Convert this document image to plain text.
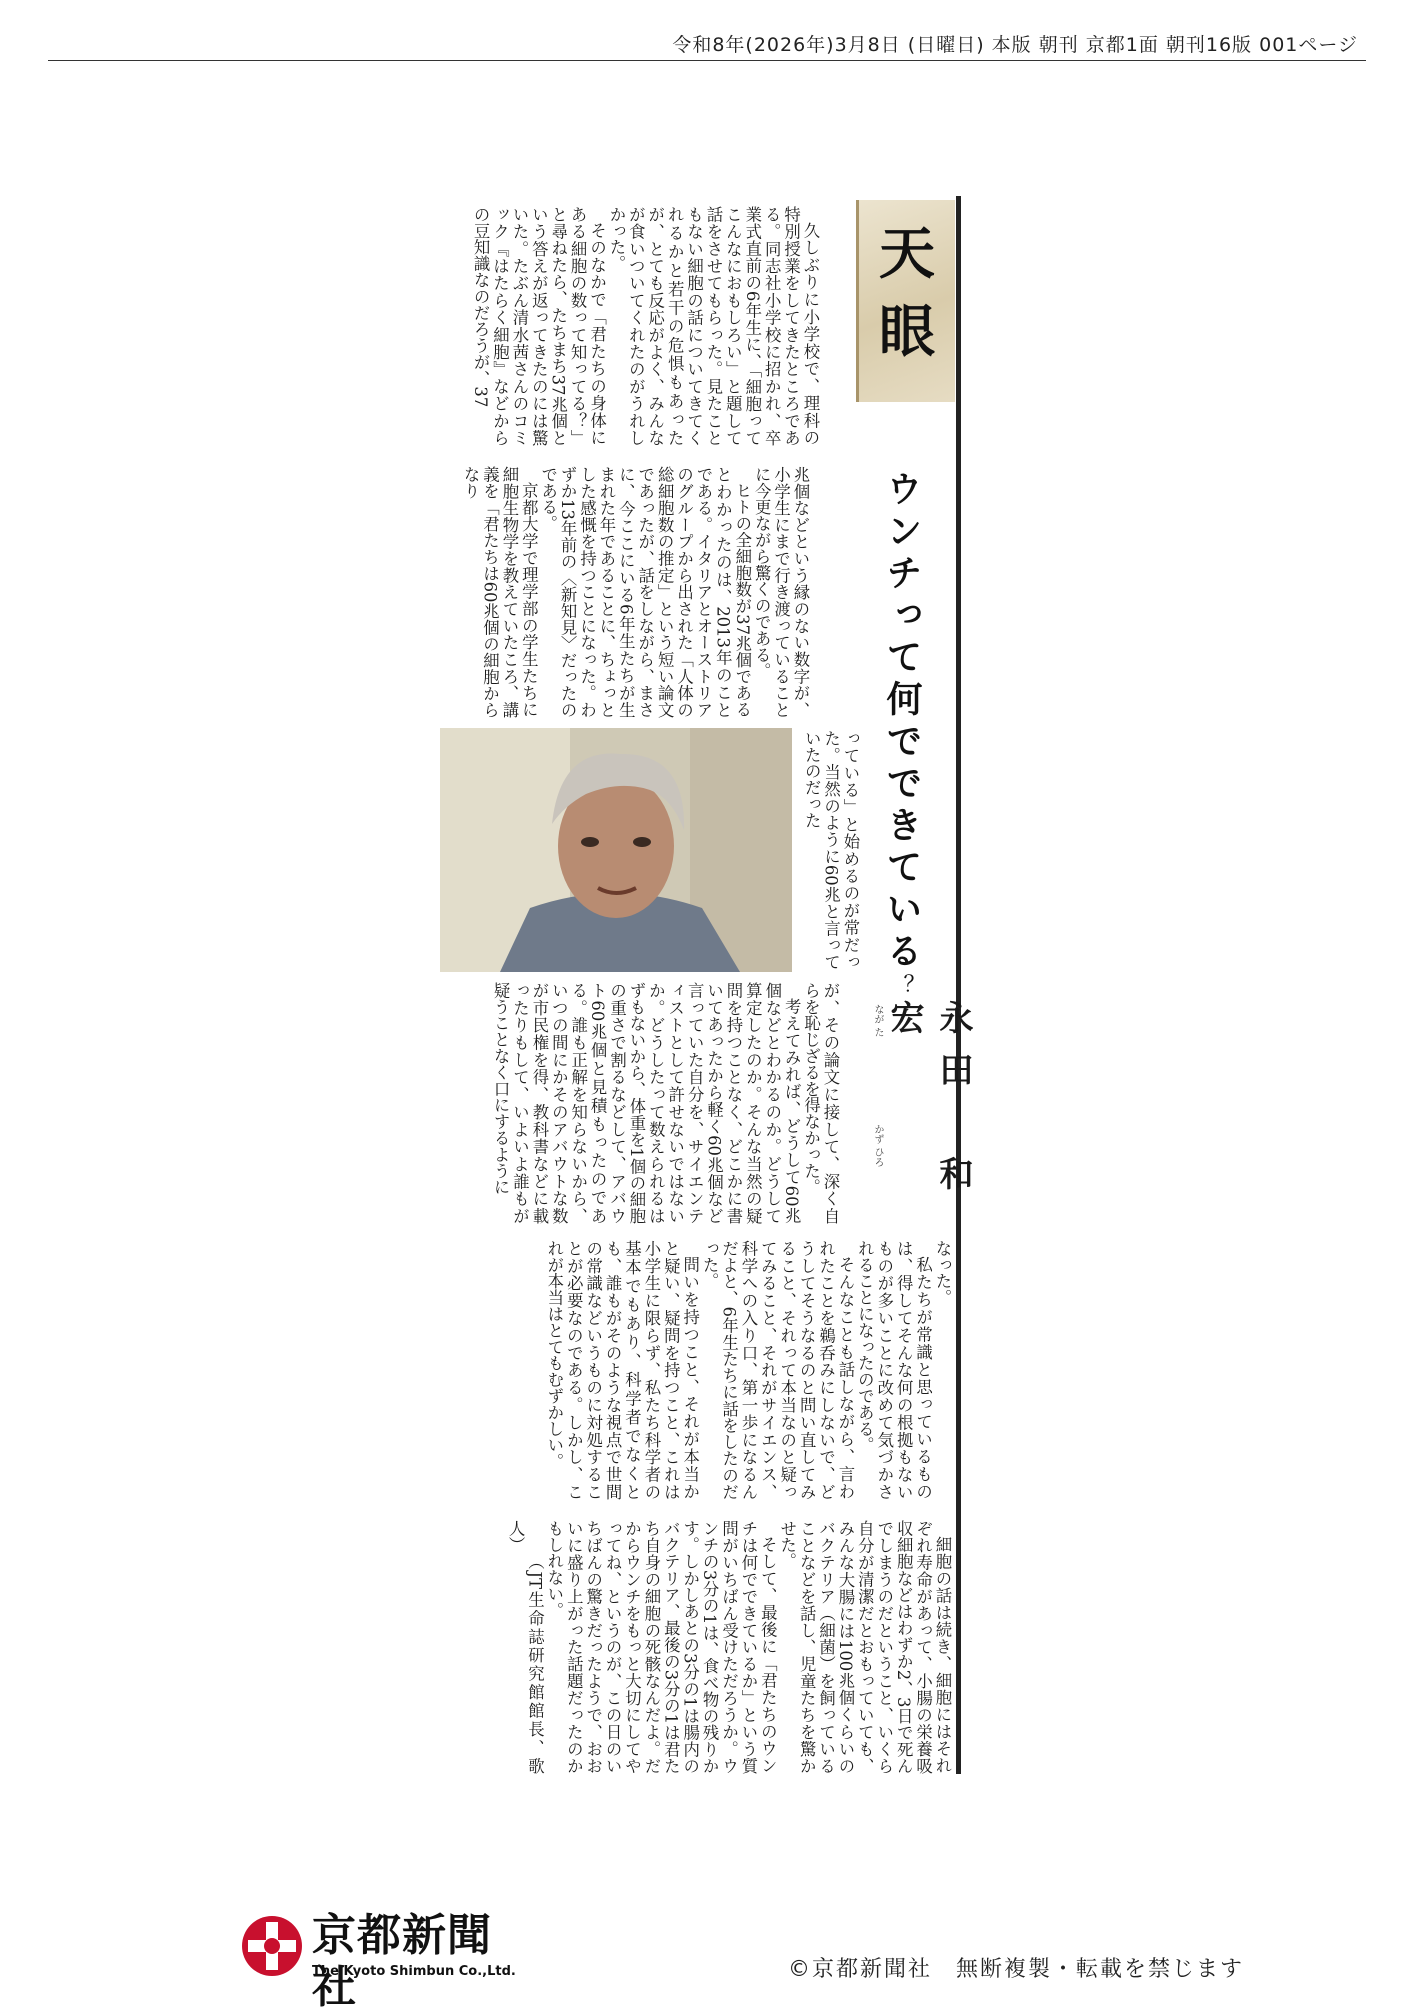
令和8年(2026年)3月8日 (日曜日) 本版 朝刊 京都1面 朝刊16版 001ページ
天
眼
ウンチって何でできている？
なが た
かず ひろ	永田　和宏

久しぶりに小学校で、理科の特別授業をしてきたところである。同志社小学校に招かれ、卒業式直前の6年生に、「細胞ってこんなにおもしろい」と題して話をさせてもらった。見たこともない細胞の話についてきてくれるかと若干の危惧もあったが、とても反応がよく、みんなが食いついてくれたのがうれしかった。

そのなかで「君たちの身体にある細胞の数って知ってる？」と尋ねたら、たちまち37兆個という答えが返ってきたのには驚いた。たぶん清水茜さんのコミック『はたらく細胞』などからの豆知識なのだろうが、37

兆個などという縁のない数字が、小学生にまで行き渡っていることに今更ながら驚くのである。

ヒトの全細胞数が37兆個であるとわかったのは、2013年のことである。イタリアとオーストリアのグループから出された「人体の総細胞数の推定」という短い論文であったが、話をしながら、まさに、今ここにいる6年生たちが生まれた年であることに、ちょっとした感慨を持つことになった。わずか13年前の〈新知見〉だったのである。

京都大学で理学部の学生たちに細胞生物学を教えていたころ、講義を「君たちは60兆個の細胞からなり

っている」と始めるのが常だった。当然のように60兆と言っていたのだった

が、その論文に接して、深く自らを恥じざるを得なかった。

考えてみれば、どうして60兆個などとわかるのか。どうして算定したのか。そんな当然の疑問を持つことなく、どこかに書いてあったから軽く60兆個など言っていた自分を、サイエンティストとして許せないではないか。どうしたって数えられるはずもないから、体重を1個の細胞の重さで割るなどして、アバウト60兆個と見積もったのである。誰も正解を知らないから、いつの間にかそのアバウトな数が市民権を得、教科書などに載ったりもして、いよいよ誰もが疑うことなく口にするように

なった。

私たちが常識と思っているものは、得してそんな何の根拠もないものが多いことに改めて気づかされることになったのである。

そんなことも話しながら、言われたことを鵜呑みにしないで、どうしてそうなるのと問い直してみること、それって本当なのと疑ってみること、それがサイエンス、科学への入り口、第一歩になるんだよと、6年生たちに話をしたのだった。

問いを持つこと、それが本当かと疑い、疑問を持つこと、これは小学生に限らず、私たち科学者の基本でもあり、科学者でなくとも、誰もがそのような視点で世間の常識などいうものに対処することが必要なのである。しかし、これが本当はとてもむずかしい。

細胞の話は続き、細胞にはそれぞれ寿命があって、小腸の栄養吸収細胞などはわずか2、3日で死んでしまうのだということ、いくら自分が清潔だとおもっていても、みんな大腸には100兆個くらいのバクテリア（細菌）を飼っていることなどを話し、児童たちを驚かせた。

そして、最後に「君たちのウンチは何でできているか」という質問がいちばん受けただろうか。ウンチの3分の1は、食べ物の残りかす。しかしあとの3分の1は腸内のバクテリア、最後の3分の1は君たち自身の細胞の死骸なんだよ。だからウンチをもっと大切にしてやってね、というのが、この日のいちばんの驚きだったようで、おおいに盛り上がった話題だったのかもしれない。

（JT生命誌研究館館長、歌人）

京都新聞社
The Kyoto Shimbun Co.,Ltd.	©京都新聞社　無断複製・転載を禁じます
